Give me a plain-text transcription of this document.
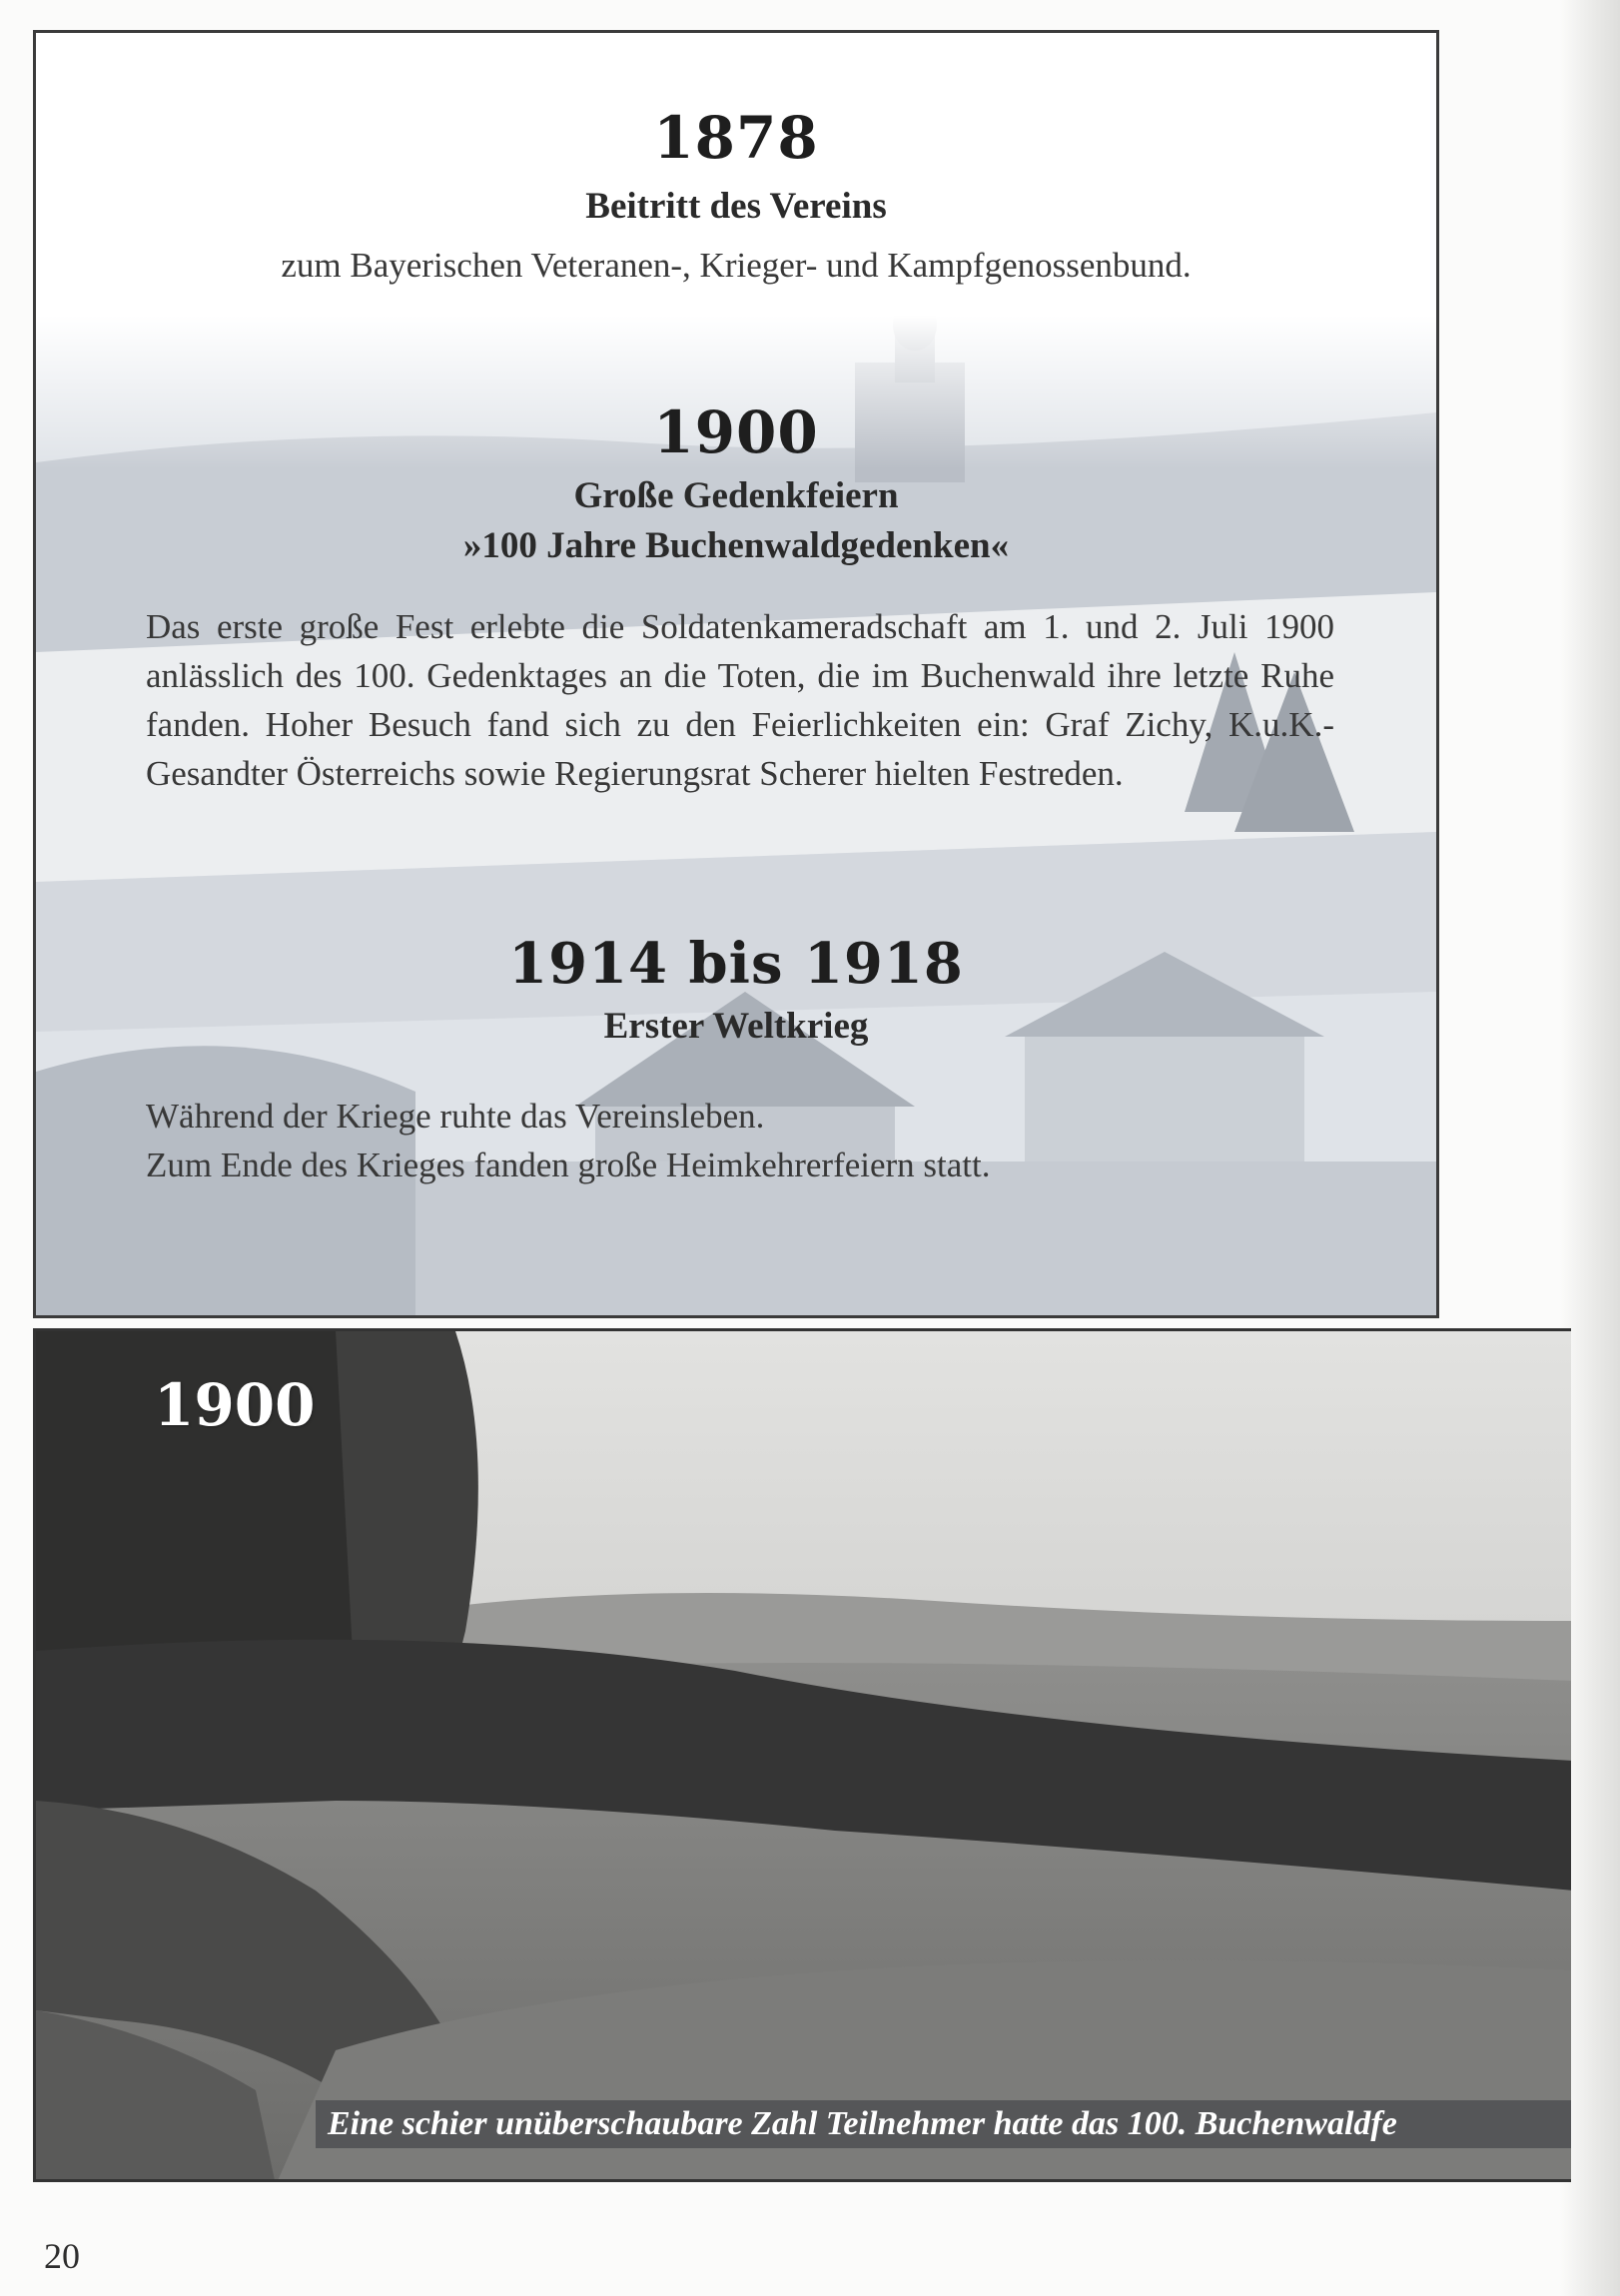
1878
Beitritt des Vereins
zum Bayerischen Veteranen-, Krieger- und Kampfgenossenbund.
1900
Große Gedenkfeiern
»100 Jahre Buchenwaldgedenken«
Das erste große Fest erlebte die Soldatenkameradschaft am 1. und 2. Juli 1900 anlässlich des 100. Gedenktages an die Toten, die im Buchenwald ihre letzte Ruhe fanden. Hoher Besuch fand sich zu den Feierlichkeiten ein: Graf Zichy, K.u.K.-Gesandter Österreichs sowie Regierungsrat Scherer hielten Festreden.
1914 bis 1918
Erster Weltkrieg
Während der Kriege ruhte das Vereinsleben.
Zum Ende des Krieges fanden große Heimkehrerfeiern statt.
1900
Eine schier unüberschaubare Zahl Teilnehmer hatte das 100. Buchenwaldfe
20
